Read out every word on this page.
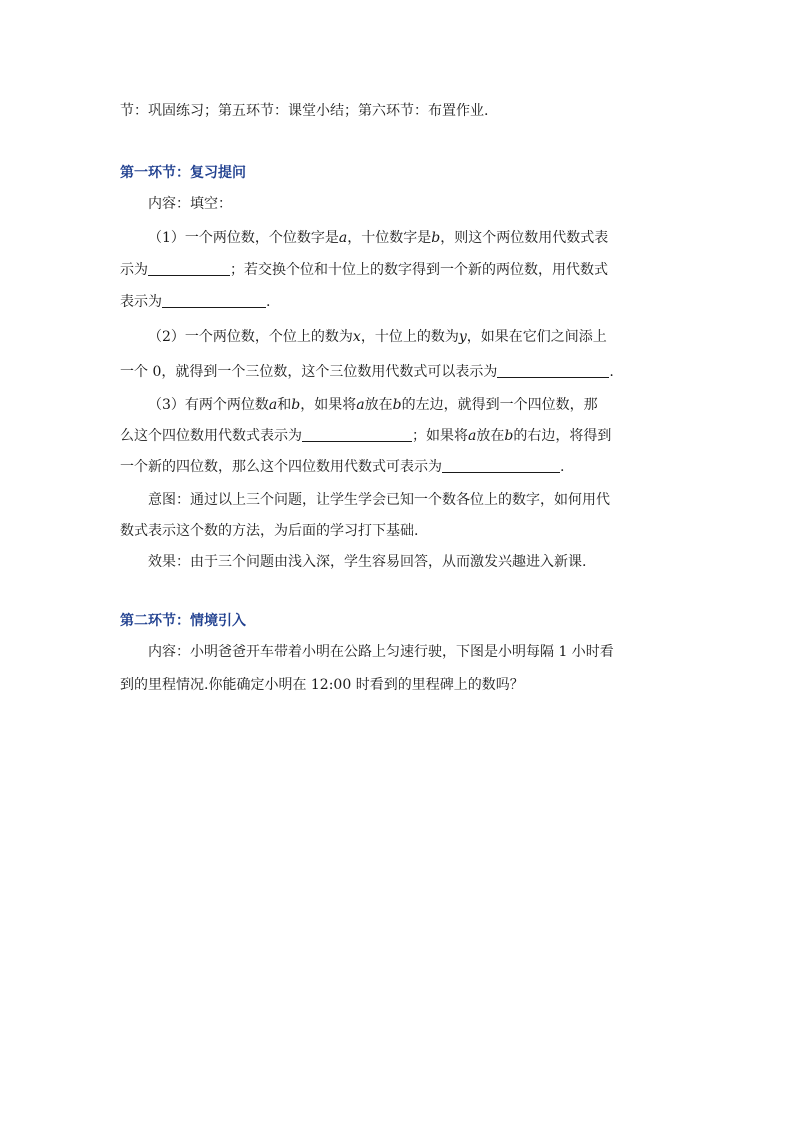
节：巩固练习；第五环节：课堂小结；第六环节：布置作业.
第一环节：复习提问
内容：填空：
（1）一个两位数，个位数字是a，十位数字是b，则这个两位数用代数式表
示为	；若交换个位和十位上的数字得到一个新的两位数，用代数式
表示为	.
（2）一个两位数，个位上的数为x，十位上的数为y，如果在它们之间添上
一个 0，就得到一个三位数，这个三位数用代数式可以表示为	.
（3）有两个两位数a和b，如果将a放在b的左边，就得到一个四位数，那
么这个四位数用代数式表示为	；如果将a放在b的右边，将得到
一个新的四位数，那么这个四位数用代数式可表示为	.
意图：通过以上三个问题，让学生学会已知一个数各位上的数字，如何用代
数式表示这个数的方法，为后面的学习打下基础.
效果：由于三个问题由浅入深，学生容易回答，从而激发兴趣进入新课.
第二环节：情境引入
内容：小明爸爸开车带着小明在公路上匀速行驶，下图是小明每隔 1 小时看
到的里程情况.你能确定小明在 12:00 时看到的里程碑上的数吗？
